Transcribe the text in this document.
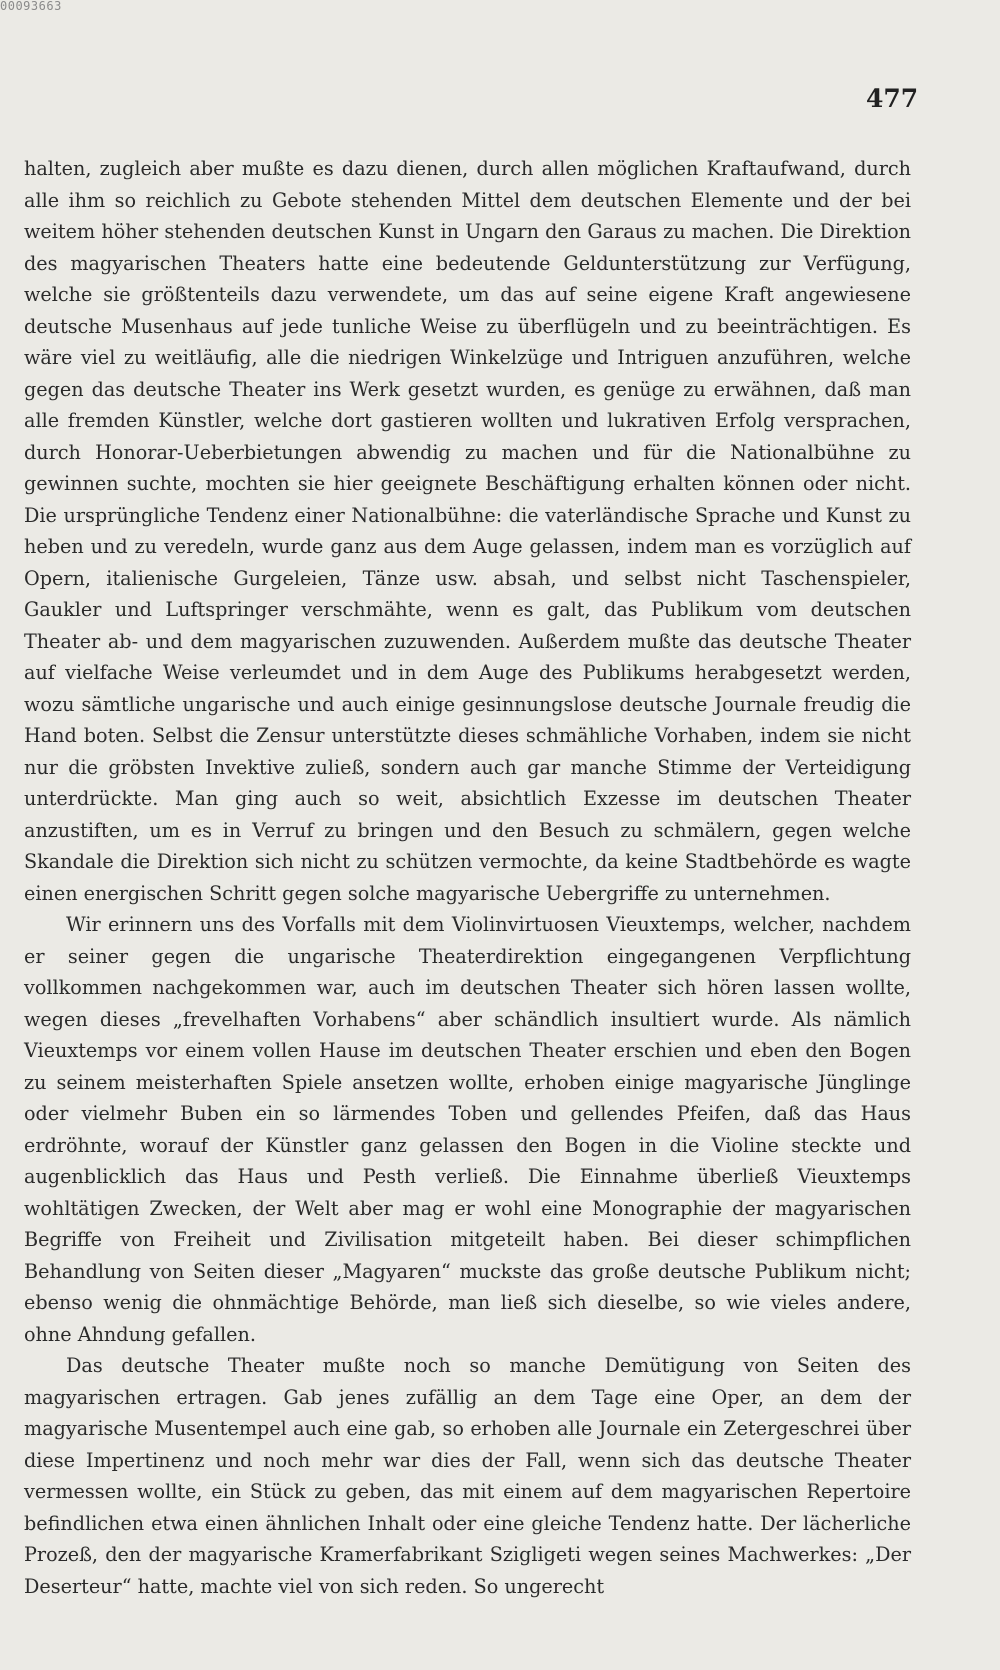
00093663
477

halten, zugleich aber mußte es dazu dienen, durch allen möglichen Kraftaufwand, durch alle ihm so reichlich zu Gebote stehenden Mittel dem deutschen Elemente und der bei weitem höher stehenden deutschen Kunst in Ungarn den Garaus zu machen. Die Direktion des magyarischen Theaters hatte eine bedeutende Geldunterstützung zur Verfügung, welche sie größtenteils dazu verwendete, um das auf seine eigene Kraft angewiesene deutsche Musenhaus auf jede tunliche Weise zu überflügeln und zu beeinträchtigen. Es wäre viel zu weitläufig, alle die niedrigen Winkelzüge und Intriguen anzuführen, welche gegen das deutsche Theater ins Werk gesetzt wurden, es genüge zu erwähnen, daß man alle fremden Künstler, welche dort gastieren wollten und lukrativen Erfolg versprachen, durch Honorar-Ueberbietungen abwendig zu machen und für die Nationalbühne zu gewinnen suchte, mochten sie hier geeignete Beschäftigung erhalten können oder nicht. Die ursprüngliche Tendenz einer Nationalbühne: die vaterländische Sprache und Kunst zu heben und zu veredeln, wurde ganz aus dem Auge gelassen, indem man es vorzüglich auf Opern, italienische Gurgeleien, Tänze usw. absah, und selbst nicht Taschenspieler, Gaukler und Luftspringer verschmähte, wenn es galt, das Publikum vom deutschen Theater ab- und dem magyarischen zuzuwenden. Außerdem mußte das deutsche Theater auf vielfache Weise verleumdet und in dem Auge des Publikums herabgesetzt werden, wozu sämtliche ungarische und auch einige gesinnungslose deutsche Journale freudig die Hand boten. Selbst die Zensur unterstützte dieses schmähliche Vorhaben, indem sie nicht nur die gröbsten Invektive zuließ, sondern auch gar manche Stimme der Verteidigung unterdrückte. Man ging auch so weit, absichtlich Exzesse im deutschen Theater anzustiften, um es in Verruf zu bringen und den Besuch zu schmälern, gegen welche Skandale die Direktion sich nicht zu schützen vermochte, da keine Stadtbehörde es wagte einen energischen Schritt gegen solche magyarische Uebergriffe zu unternehmen.

Wir erinnern uns des Vorfalls mit dem Violinvirtuosen Vieuxtemps, welcher, nachdem er seiner gegen die ungarische Theaterdirektion eingegangenen Verpflichtung vollkommen nachgekommen war, auch im deutschen Theater sich hören lassen wollte, wegen dieses „frevelhaften Vorhabens“ aber schändlich insultiert wurde. Als nämlich Vieuxtemps vor einem vollen Hause im deutschen Theater erschien und eben den Bogen zu seinem meisterhaften Spiele ansetzen wollte, erhoben einige magyarische Jünglinge oder vielmehr Buben ein so lärmendes Toben und gellendes Pfeifen, daß das Haus erdröhnte, worauf der Künstler ganz gelassen den Bogen in die Violine steckte und augenblicklich das Haus und Pesth verließ. Die Einnahme überließ Vieuxtemps wohltätigen Zwecken, der Welt aber mag er wohl eine Monographie der magyarischen Begriffe von Freiheit und Zivilisation mitgeteilt haben. Bei dieser schimpflichen Behandlung von Seiten dieser „Magyaren“ muckste das große deutsche Publikum nicht; ebenso wenig die ohnmächtige Behörde, man ließ sich dieselbe, so wie vieles andere, ohne Ahndung gefallen.

Das deutsche Theater mußte noch so manche Demütigung von Seiten des magyarischen ertragen. Gab jenes zufällig an dem Tage eine Oper, an dem der magyarische Musentempel auch eine gab, so erhoben alle Journale ein Zetergeschrei über diese Impertinenz und noch mehr war dies der Fall, wenn sich das deutsche Theater vermessen wollte, ein Stück zu geben, das mit einem auf dem magyarischen Repertoire befindlichen etwa einen ähnlichen Inhalt oder eine gleiche Tendenz hatte. Der lächerliche Prozeß, den der magyarische Kramerfabrikant Szigligeti wegen seines Machwerkes: „Der Deserteur“ hatte, machte viel von sich reden. So ungerecht
